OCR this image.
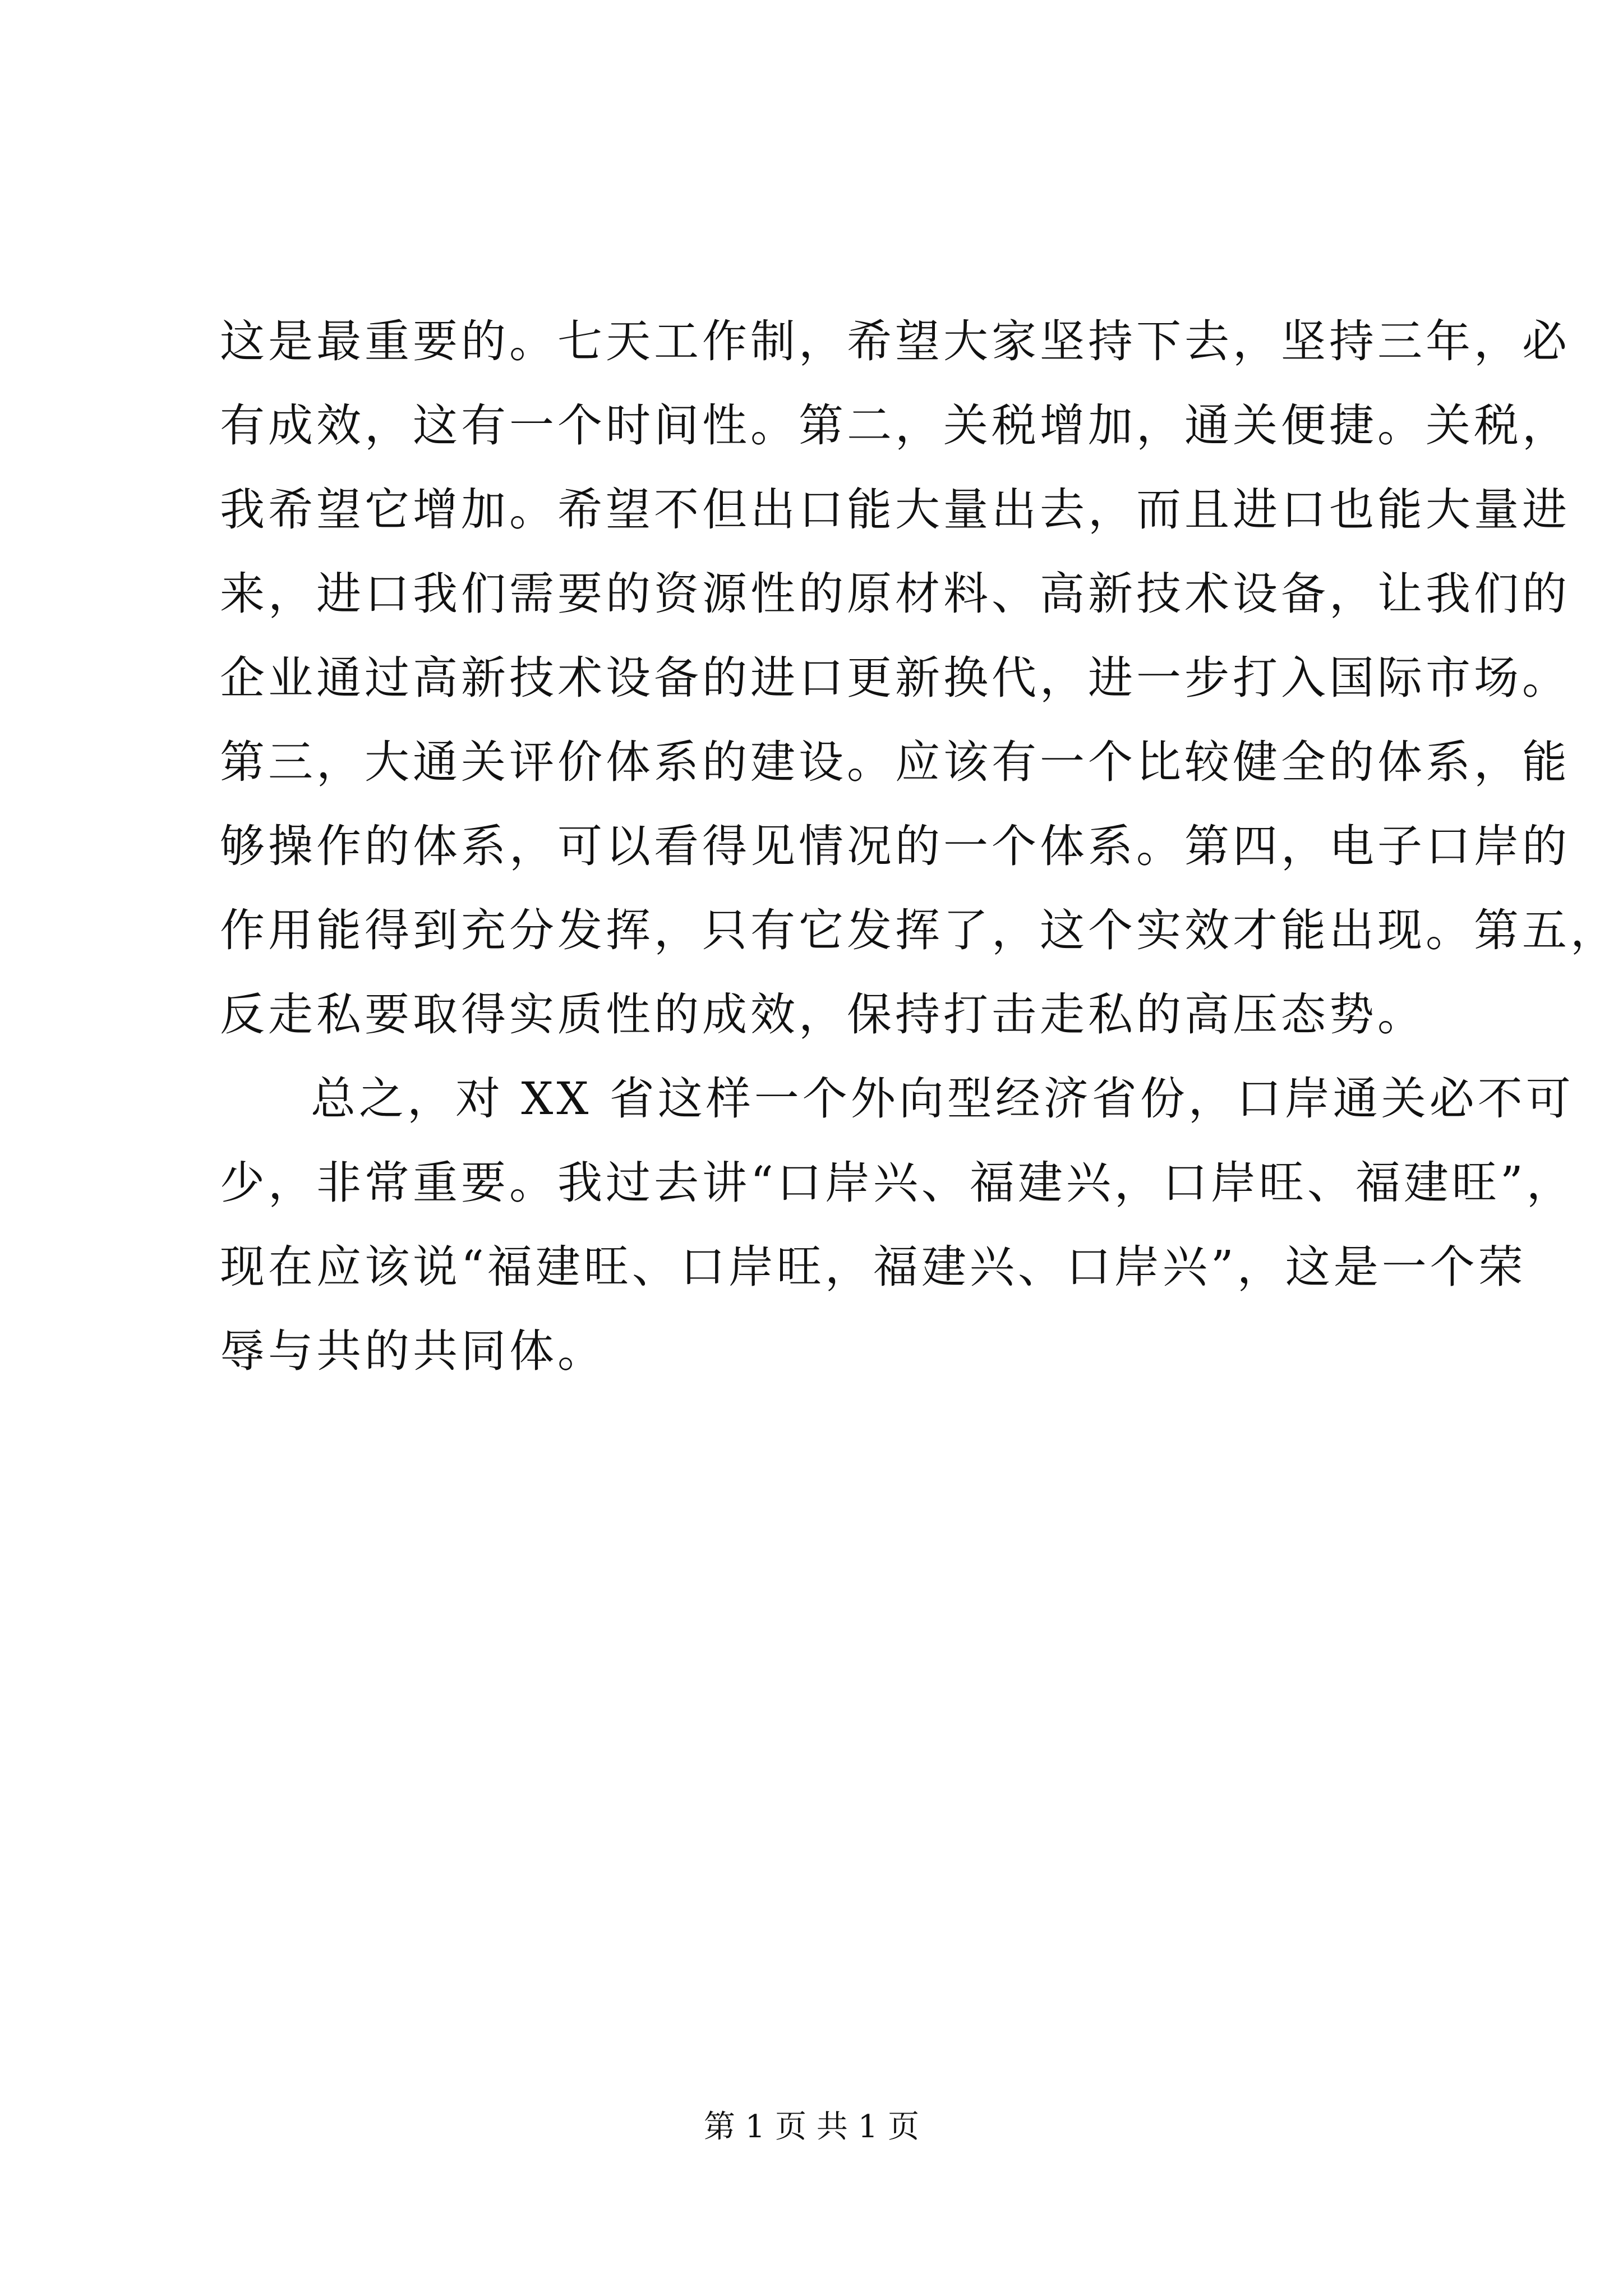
这是最重要的。七天工作制，希望大家坚持下去，坚持三年，必
有成效，这有一个时间性。第二，关税增加，通关便捷。关税，
我希望它增加。希望不但出口能大量出去，而且进口也能大量进
来，进口我们需要的资源性的原材料、高新技术设备，让我们的
企业通过高新技术设备的进口更新换代，进一步打入国际市场。
第三，大通关评价体系的建设。应该有一个比较健全的体系，能
够操作的体系，可以看得见情况的一个体系。第四，电子口岸的
作用能得到充分发挥，只有它发挥了，这个实效才能出现。第五，
反走私要取得实质性的成效，保持打击走私的高压态势。
总之，对 XX 省这样一个外向型经济省份，口岸通关必不可
少，非常重要。我过去讲“口岸兴、福建兴，口岸旺、福建旺”，
现在应该说“福建旺、口岸旺，福建兴、口岸兴”，这是一个荣
辱与共的共同体。
第 1 页 共 1 页
